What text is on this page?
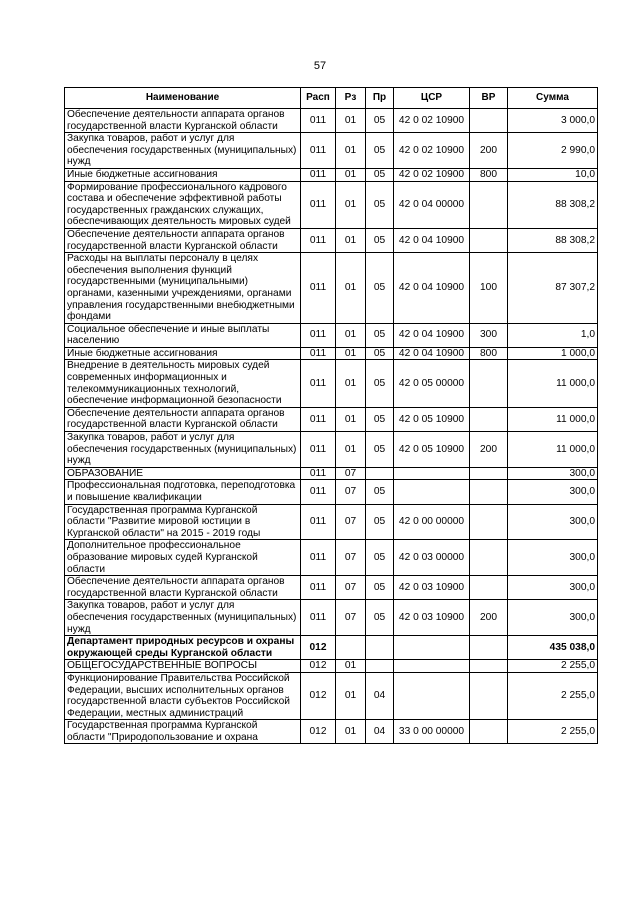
57
Наименование	Расп	Рз	Пр	ЦСР	ВР	Сумма
Обеспечение деятельности аппарата органов государственной власти Курганской области	011	01	05	42 0 02 10900		3 000,0
Закупка товаров, работ и услуг для обеспечения государственных (муниципальных) нужд	011	01	05	42 0 02 10900	200	2 990,0
Иные бюджетные ассигнования	011	01	05	42 0 02 10900	800	10,0
Формирование профессионального кадрового состава и обеспечение эффективной работы государственных гражданских служащих, обеспечивающих деятельность мировых судей	011	01	05	42 0 04 00000		88 308,2
Обеспечение деятельности аппарата органов государственной власти Курганской области	011	01	05	42 0 04 10900		88 308,2
Расходы на выплаты персоналу в целях обеспечения выполнения функций государственными (муниципальными) органами, казенными учреждениями, органами управления государственными внебюджетными фондами	011	01	05	42 0 04 10900	100	87 307,2
Социальное обеспечение и иные выплаты населению	011	01	05	42 0 04 10900	300	1,0
Иные бюджетные ассигнования	011	01	05	42 0 04 10900	800	1 000,0
Внедрение в деятельность мировых судей современных информационных и телекоммуникационных технологий, обеспечение информационной безопасности	011	01	05	42 0 05 00000		11 000,0
Обеспечение деятельности аппарата органов государственной власти Курганской области	011	01	05	42 0 05 10900		11 000,0
Закупка товаров, работ и услуг для обеспечения государственных (муниципальных) нужд	011	01	05	42 0 05 10900	200	11 000,0
ОБРАЗОВАНИЕ	011	07				300,0
Профессиональная подготовка, переподготовка и повышение квалификации	011	07	05			300,0
Государственная программа Курганской области "Развитие мировой юстиции в Курганской области" на 2015 - 2019 годы	011	07	05	42 0 00 00000		300,0
Дополнительное профессиональное образование мировых судей Курганской области	011	07	05	42 0 03 00000		300,0
Обеспечение деятельности аппарата органов государственной власти Курганской области	011	07	05	42 0 03 10900		300,0
Закупка товаров, работ и услуг для обеспечения государственных (муниципальных) нужд	011	07	05	42 0 03 10900	200	300,0
Департамент природных ресурсов и охраны окружающей среды Курганской области	012					435 038,0
ОБЩЕГОСУДАРСТВЕННЫЕ ВОПРОСЫ	012	01				2 255,0
Функционирование Правительства Российской Федерации, высших исполнительных органов государственной власти субъектов Российской Федерации, местных администраций	012	01	04			2 255,0
Государственная программа Курганской области "Природопользование и охрана	012	01	04	33 0 00 00000		2 255,0
